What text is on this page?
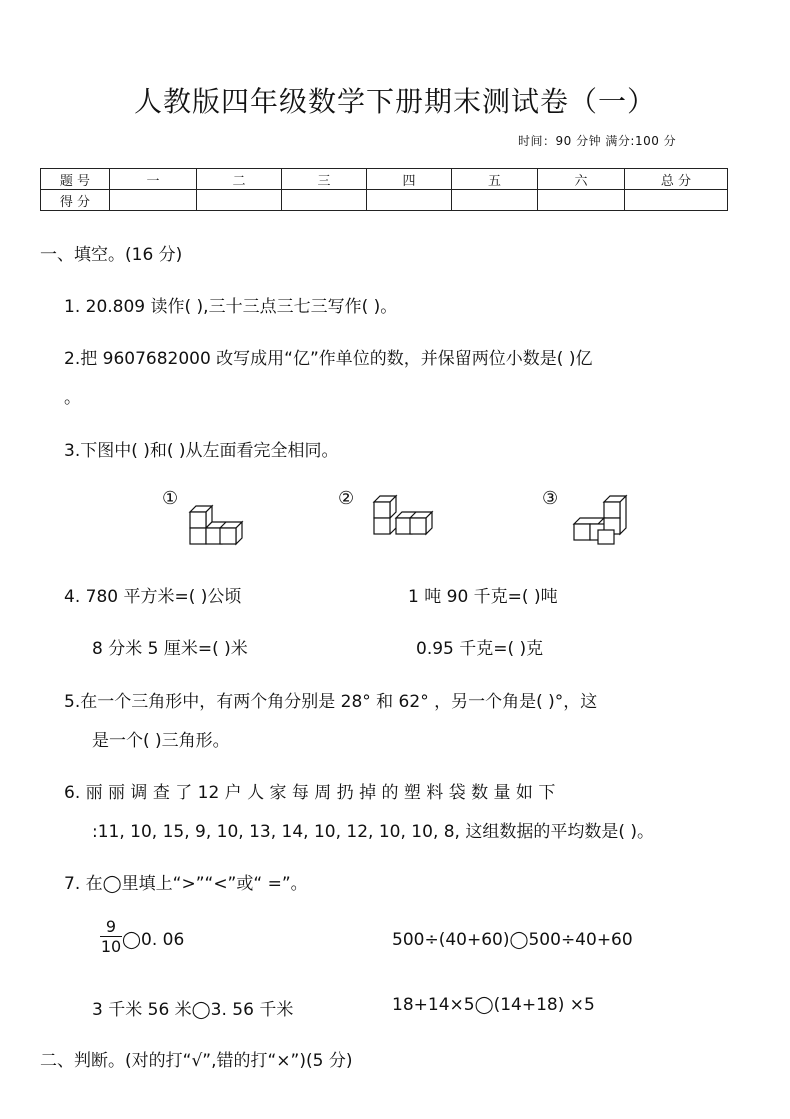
人教版四年级数学下册期末测试卷（一）
时间：90 分钟 满分:100 分
题 号	一	二	三	四	五	六	总 分
得 分							
一、填空。(16 分)
1. 20.809 读作( ),三十三点三七三写作( )。
2.把 9607682000 改写成用“亿”作单位的数，并保留两位小数是( )亿
。
3.下图中( )和( )从左面看完全相同。
①	②	③
4. 780 平方米=( )公顷	1 吨 90 千克=( )吨
8 分米 5 厘米=( )米	0.95 千克=( )克
5.在一个三角形中，有两个角分别是 28° 和 62° ，另一个角是( )°，这
是一个( )三角形。
6. 丽 丽 调 查 了 12 户 人 家 每 周 扔 掉 的 塑 料 袋 数 量 如 下
:11, 10, 15, 9, 10, 13, 14, 10, 12, 10, 10, 8, 这组数据的平均数是( )。
7. 在◯里填上“>”“<”或“ =”。
$\frac{9}{10}$ ◯0. 06	500÷(40+60)◯500÷40+60
3 千米 56 米◯3. 56 千米	18+14×5◯(14+18) ×5
二、判断。(对的打“√”,错的打“×”)(5 分)
